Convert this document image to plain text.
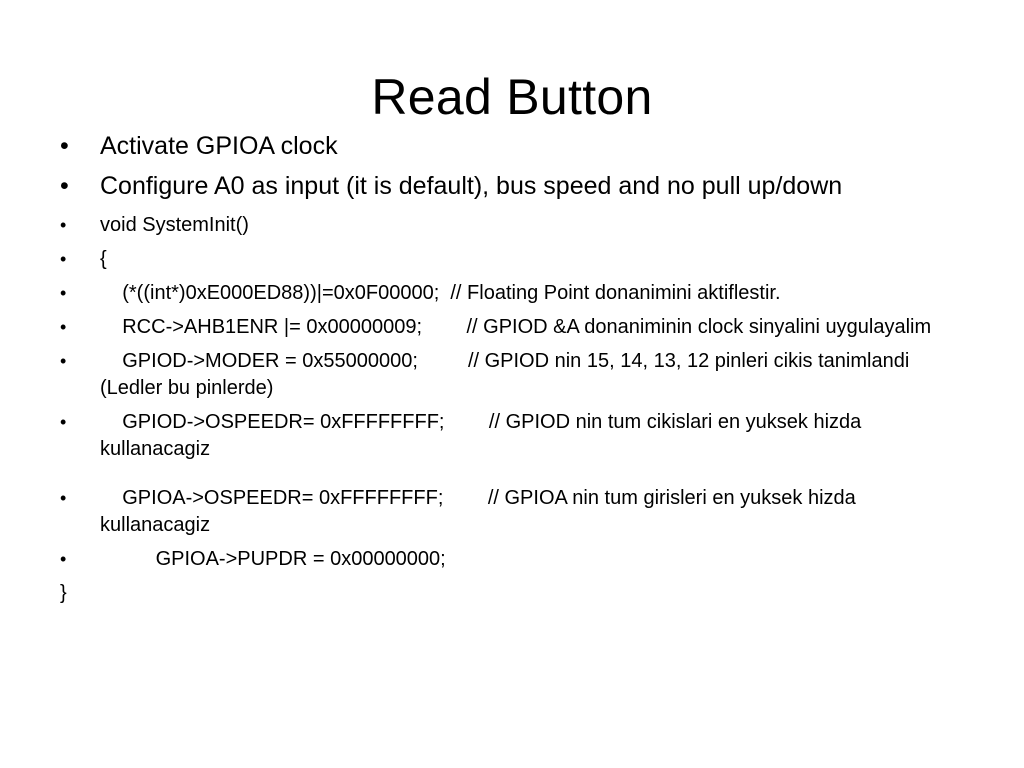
Read Button
• Activate GPIOA clock
• Configure A0 as input (it is default), bus speed and no pull up/down
• void SystemInit()
• {
• (*((int*)0xE000ED88))|=0x0F00000;  // Floating Point donanimini aktiflestir.
• RCC->AHB1ENR |= 0x00000009;        // GPIOD &A donaniminin clock sinyalini uygulayalim
• GPIOD->MODER = 0x55000000;         // GPIOD nin 15, 14, 13, 12 pinleri cikis tanimlandi (Ledler bu pinlerde)
• GPIOD->OSPEEDR= 0xFFFFFFFF;        // GPIOD nin tum cikislari en yuksek hizda kullanacagiz
• GPIOA->OSPEEDR= 0xFFFFFFFF;        // GPIOA nin tum girisleri en yuksek hizda kullanacagiz
• GPIOA->PUPDR = 0x00000000;
}
